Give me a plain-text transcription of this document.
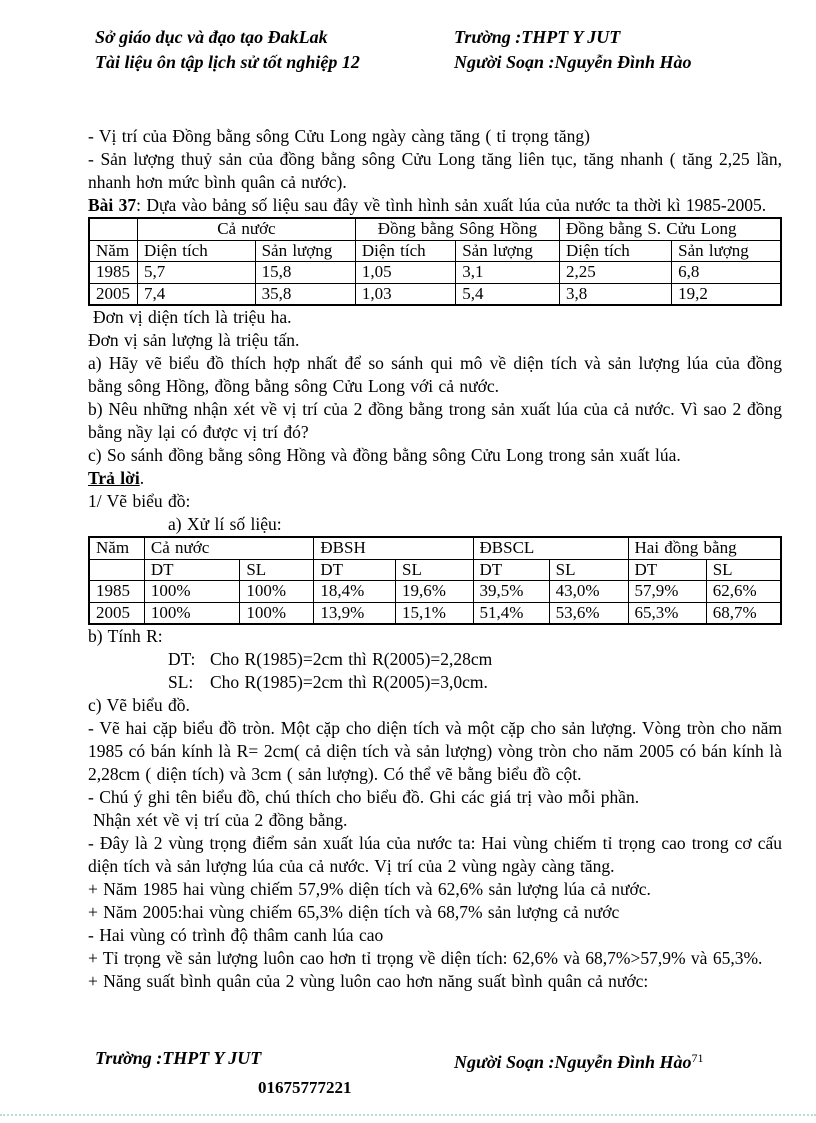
Sở giáo dục và đạo tạo ĐakLak
Tài liệu ôn tập lịch sử tốt nghiệp 12
Trường :THPT Y JUT
Người Soạn :Nguyễn Đình Hào

- Vị trí của Đồng bằng sông Cửu Long ngày càng tăng ( tỉ trọng tăng)

- Sản lượng thuỷ sản của đồng bằng sông Cửu Long tăng liên tục, tăng nhanh ( tăng 2,25 lần, nhanh hơn mức bình quân cả nước).

Bài 37: Dựa vào bảng số liệu sau đây về tình hình sản xuất lúa của nước ta thời kì 1985-2005.

	Cả nước		Đồng bằng Sông Hồng		Đồng bằng S. Cửu Long	
Năm	Diện tích	Sản lượng	Diện tích	Sản lượng	Diện tích	Sản lượng
1985	5,7	15,8	1,05	3,1	2,25	6,8
2005	7,4	35,8	1,03	5,4	3,8	19,2

Đơn vị diện tích là triệu ha.

Đơn vị sản lượng là triệu tấn.

a) Hãy vẽ biểu đồ thích hợp nhất để so sánh qui mô về diện tích và sản lượng lúa của đồng bằng sông Hồng, đồng bằng sông Cửu Long với cả nước.

b) Nêu những nhận xét về vị trí của 2 đồng bằng trong sản xuất lúa của cả nước. Vì sao 2 đồng bằng nầy lại có được vị trí đó?

c) So sánh đồng bằng sông Hồng và đồng bằng sông Cửu Long trong sản xuất lúa.

Trả lời.

1/ Vẽ biểu đồ:

a) Xử lí số liệu:

Năm	Cả nước		ĐBSH		ĐBSCL		Hai đồng bằng	
	DT	SL	DT	SL	DT	SL	DT	SL
1985	100%	100%	18,4%	19,6%	39,5%	43,0%	57,9%	62,6%
2005	100%	100%	13,9%	15,1%	51,4%	53,6%	65,3%	68,7%

b) Tính R:

DT: Cho R(1985)=2cm thì R(2005)=2,28cm

SL: Cho R(1985)=2cm thì R(2005)=3,0cm.

c) Vẽ biểu đồ.

- Vẽ hai cặp biểu đồ tròn. Một cặp cho diện tích và một cặp cho sản lượng. Vòng tròn cho năm 1985 có bán kính là R= 2cm( cả diện tích và sản lượng) vòng tròn cho năm 2005 có bán kính là 2,28cm ( diện tích) và 3cm ( sản lượng). Có thể vẽ bằng biểu đồ cột.

- Chú ý ghi tên biểu đồ, chú thích cho biểu đồ. Ghi các giá trị vào mỗi phần.

Nhận xét về vị trí của 2 đồng bằng.

- Đây là 2 vùng trọng điểm sản xuất lúa của nước ta: Hai vùng chiếm tỉ trọng cao trong cơ cấu diện tích và sản lượng lúa của cả nước. Vị trí của 2 vùng ngày càng tăng.

+ Năm 1985 hai vùng chiếm 57,9% diện tích và 62,6% sản lượng lúa cả nước.

+ Năm 2005:hai vùng chiếm 65,3% diện tích và 68,7% sản lượng cả nước

- Hai vùng có trình độ thâm canh lúa cao

+ Tỉ trọng về sản lượng luôn cao hơn tỉ trọng về diện tích: 62,6% và 68,7%>57,9% và 65,3%.

+ Năng suất bình quân của 2 vùng luôn cao hơn năng suất bình quân cả nước:

Trường :THPT Y JUT	Người Soạn :Nguyễn Đình Hào$^{71}$
01675777221
